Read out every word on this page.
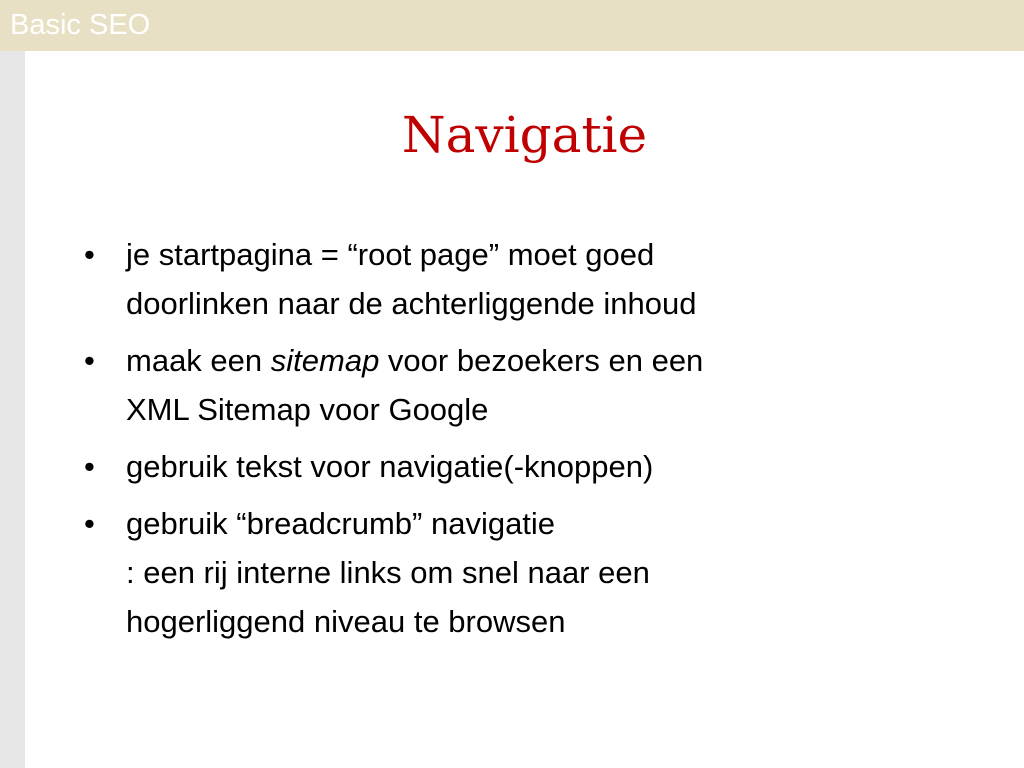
Basic SEO
Navigatie
• je startpagina = “root page” moet goed
doorlinken naar de achterliggende inhoud
• maak een sitemap voor bezoekers en een
XML Sitemap voor Google
• gebruik tekst voor navigatie(-knoppen)
• gebruik “breadcrumb” navigatie
: een rij interne links om snel naar een
hogerliggend niveau te browsen
